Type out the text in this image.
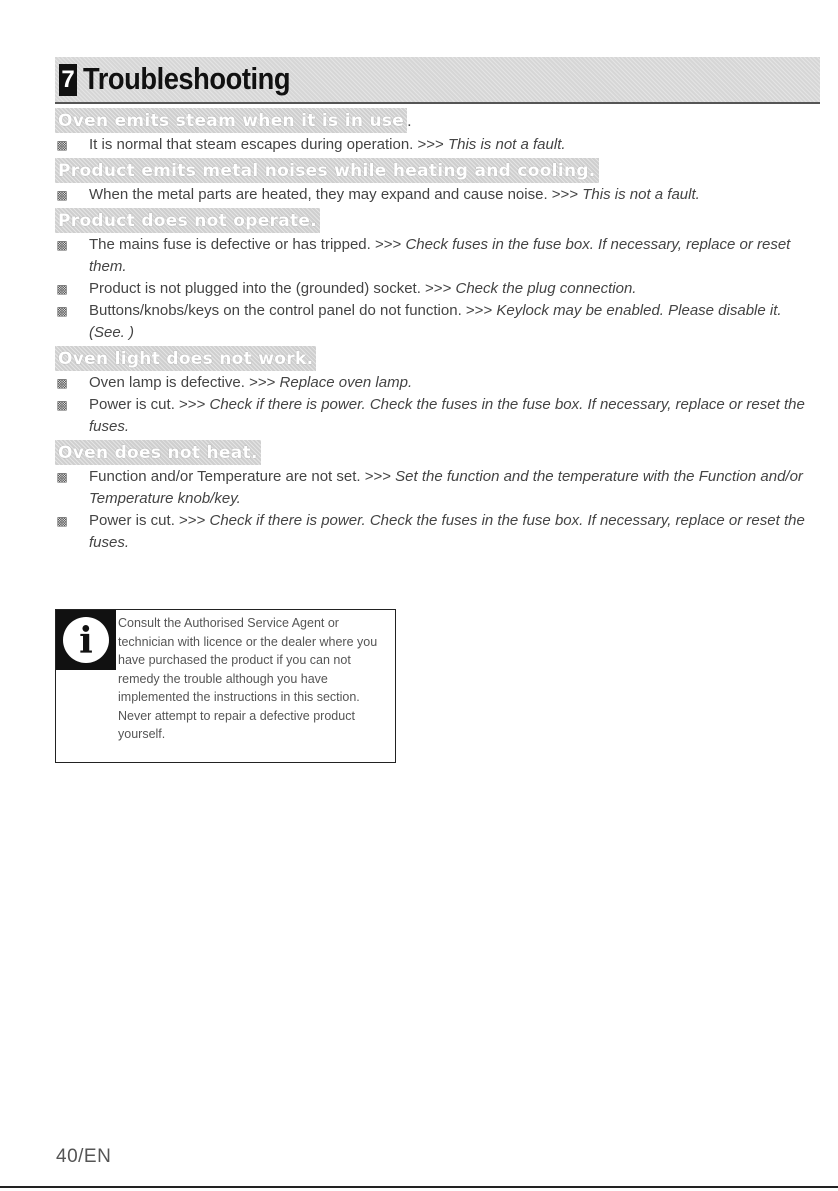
7 Troubleshooting
Oven emits steam when it is in use .
▩ It is normal that steam escapes during operation. >>> This is not a fault.
Product emits metal noises while heating and cooling.
▩ When the metal parts are heated, they may expand and cause noise. >>> This is not a fault.
Product does not operate.
▩ The mains fuse is defective or has tripped. >>> Check fuses in the fuse box. If necessary, replace or reset them.
▩ Product is not plugged into the (grounded) socket. >>> Check the plug connection.
▩ Buttons/knobs/keys on the control panel do not function. >>> Keylock may be enabled. Please disable it. (See. )
Oven light does not work.
▩ Oven lamp is defective. >>> Replace oven lamp.
▩ Power is cut. >>> Check if there is power. Check the fuses in the fuse box. If necessary, replace or reset the fuses.
Oven does not heat.
▩ Function and/or Temperature are not set. >>> Set the function and the temperature with the Function and/or Temperature knob/key.
▩ Power is cut. >>> Check if there is power. Check the fuses in the fuse box. If necessary, replace or reset the fuses.
i	Consult the Authorised Service Agent or technician with licence or the dealer where you have purchased the product if you can not remedy the trouble although you have implemented the instructions in this section. Never attempt to repair a defective product yourself.
40/EN
